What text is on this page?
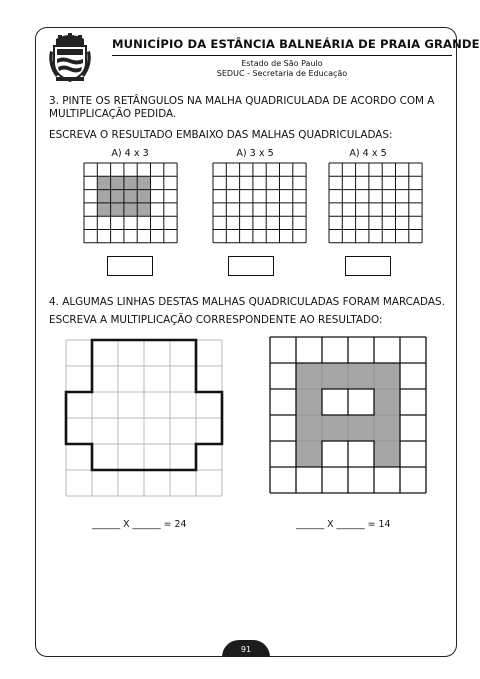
MUNICÍPIO DA ESTÂNCIA BALNEÁRIA DE PRAIA GRANDE
Estado de São Paulo
SEDUC - Secretaria de Educação
3. PINTE OS RETÂNGULOS NA MALHA QUADRICULADA DE ACORDO COM A
MULTIPLICAÇÃO PEDIDA.
ESCREVA O RESULTADO EMBAIXO DAS MALHAS QUADRICULADAS:
A) 4 x 3	A) 3 x 5	A) 4 x 5
4. ALGUMAS LINHAS DESTAS MALHAS QUADRICULADAS FORAM MARCADAS.
ESCREVA A MULTIPLICAÇÃO CORRESPONDENTE AO RESULTADO:
______ X ______ = 24	______ X ______ = 14
91
